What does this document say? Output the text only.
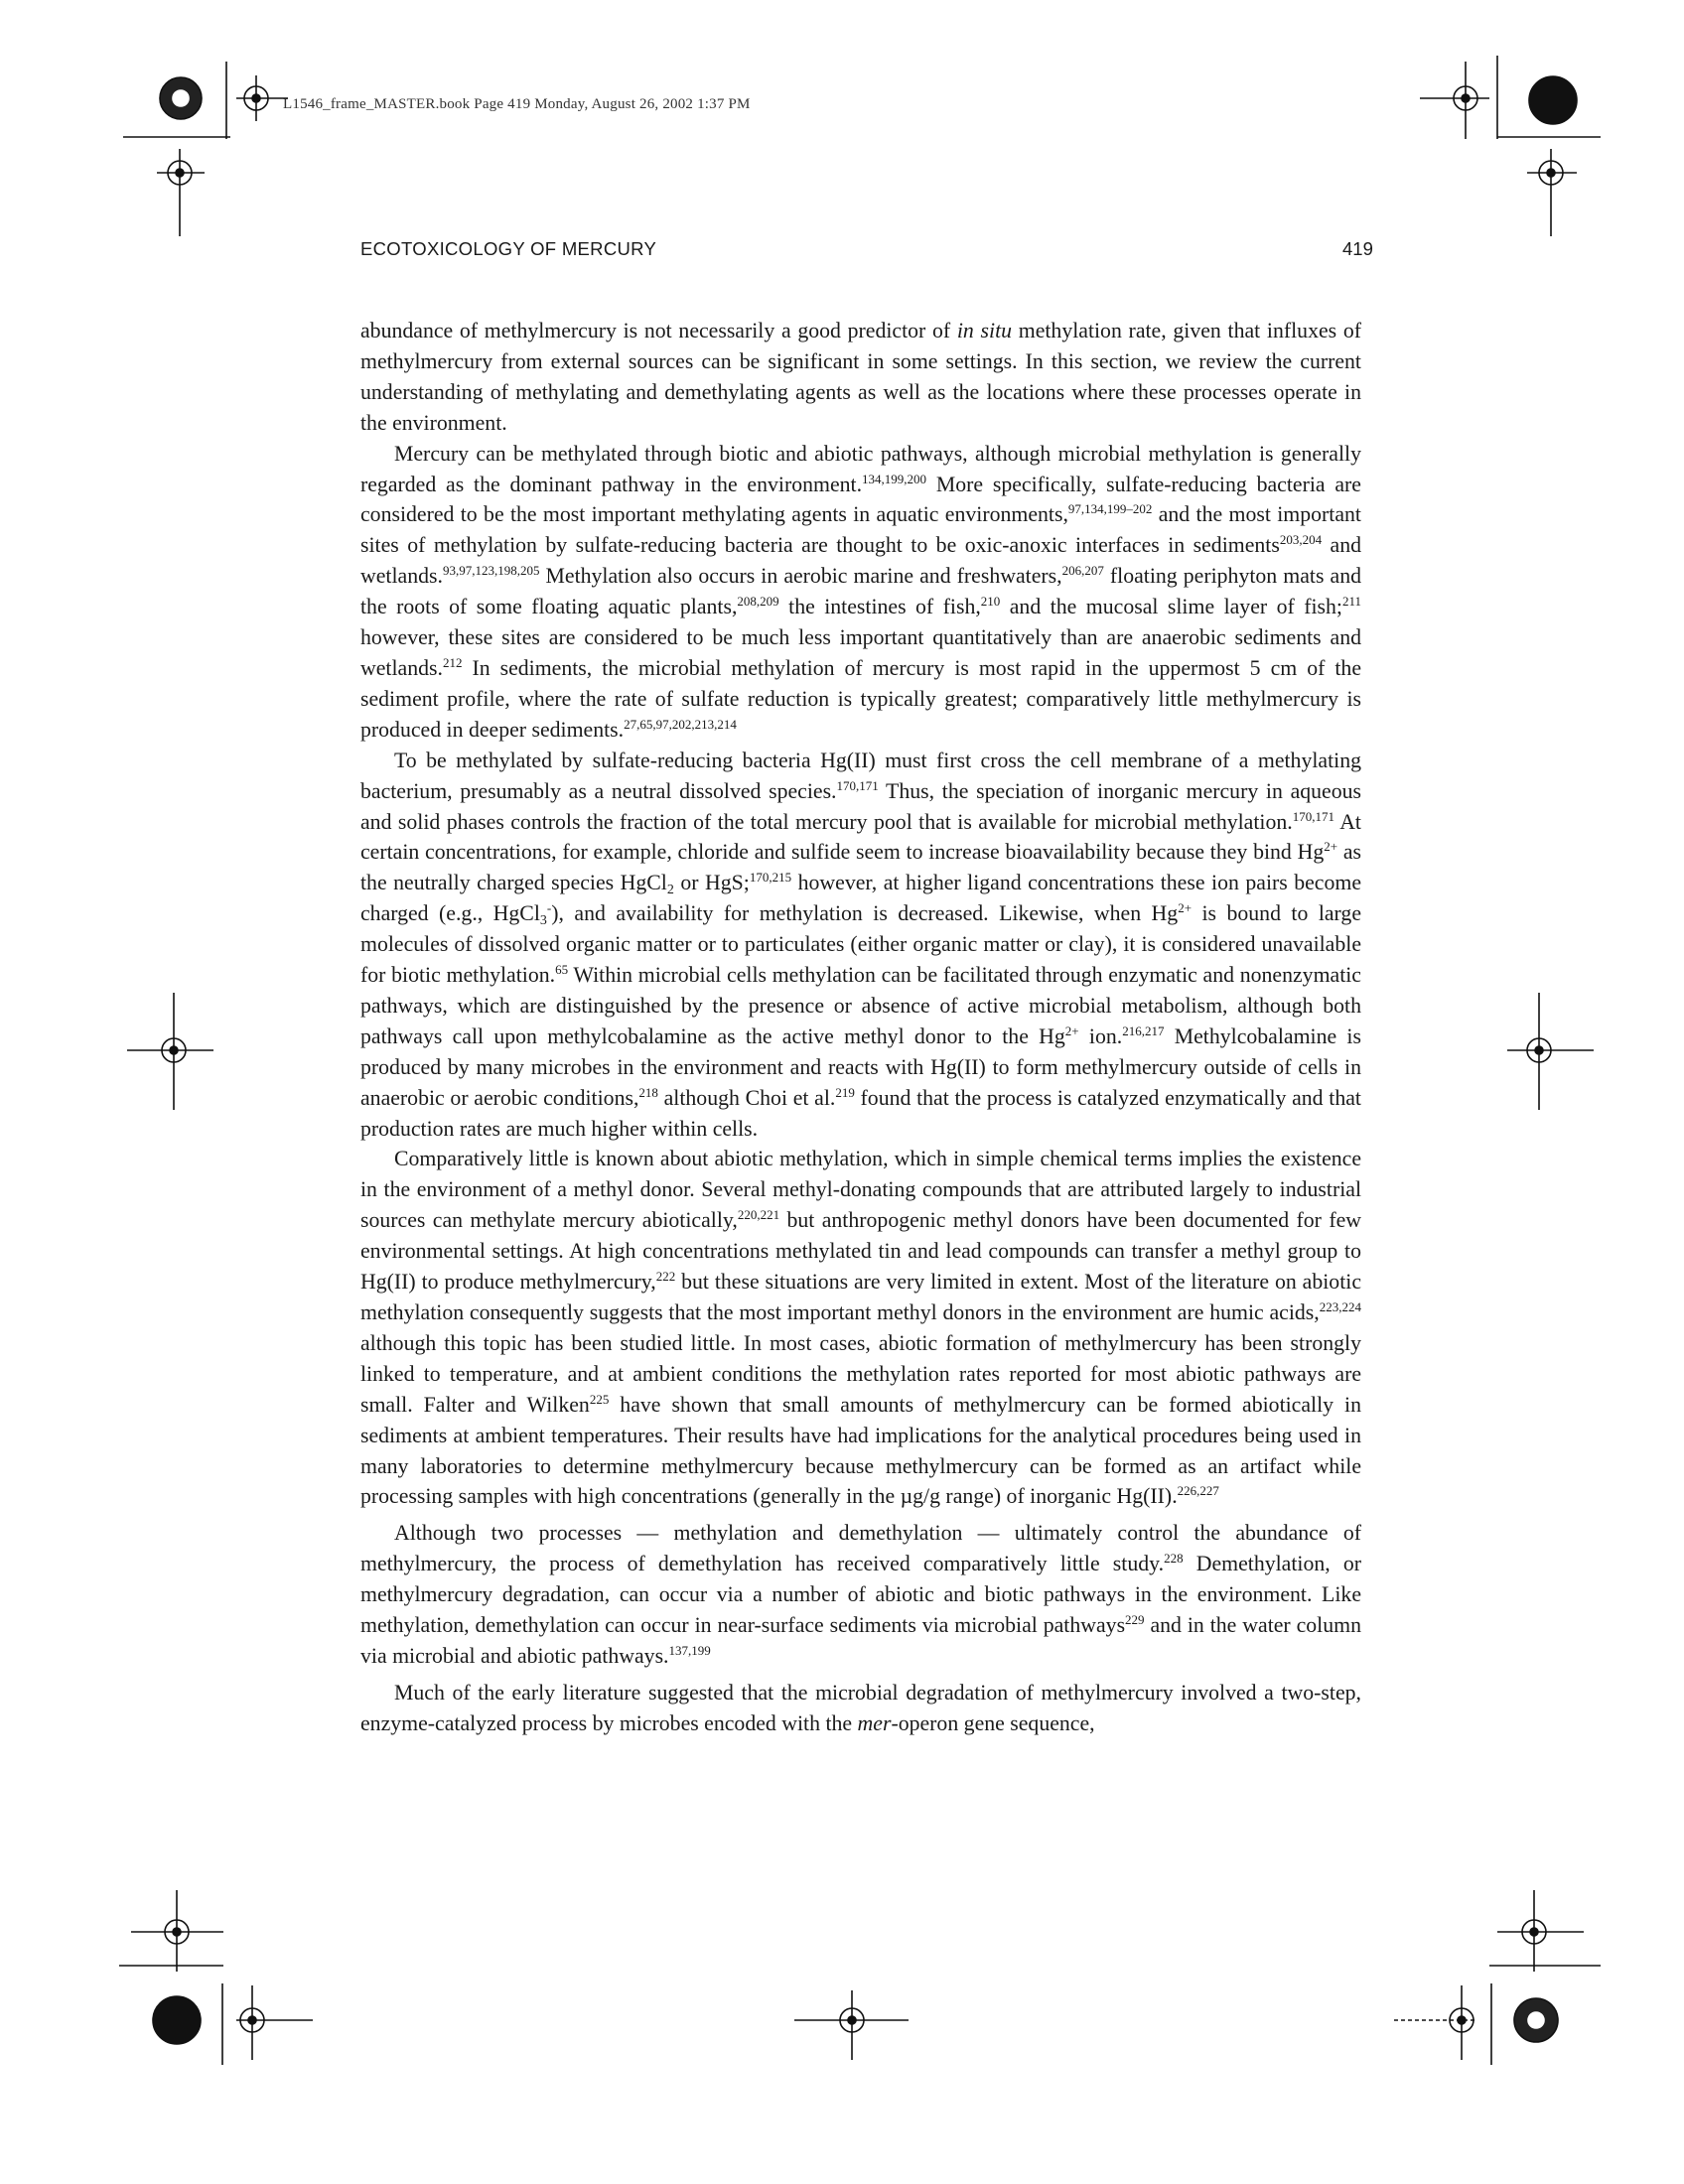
L1546_frame_MASTER.book Page 419 Monday, August 26, 2002 1:37 PM
ECOTOXICOLOGY OF MERCURY	419

abundance of methylmercury is not necessarily a good predictor of in situ methylation rate, given that influxes of methylmercury from external sources can be significant in some settings. In this section, we review the current understanding of methylating and demethylating agents as well as the locations where these processes operate in the environment.

Mercury can be methylated through biotic and abiotic pathways, although microbial methylation is generally regarded as the dominant pathway in the environment.$^{134,199,200}$ More specifically, sulfate-reducing bacteria are considered to be the most important methylating agents in aquatic environments,$^{97,134,199-202}$ and the most important sites of methylation by sulfate-reducing bacteria are thought to be oxic-anoxic interfaces in sediments$^{203,204}$ and wetlands.$^{93,97,123,198,205}$ Methylation also occurs in aerobic marine and freshwaters,$^{206,207}$ floating periphyton mats and the roots of some floating aquatic plants,$^{208,209}$ the intestines of fish,$^{210}$ and the mucosal slime layer of fish;$^{211}$ however, these sites are considered to be much less important quantitatively than are anaerobic sediments and wetlands.$^{212}$ In sediments, the microbial methylation of mercury is most rapid in the uppermost 5 cm of the sediment profile, where the rate of sulfate reduction is typically greatest; comparatively little methylmercury is produced in deeper sediments.$^{27,65,97,202,213,214}$

To be methylated by sulfate-reducing bacteria Hg(II) must first cross the cell membrane of a methylating bacterium, presumably as a neutral dissolved species.$^{170,171}$ Thus, the speciation of inorganic mercury in aqueous and solid phases controls the fraction of the total mercury pool that is available for microbial methylation.$^{170,171}$ At certain concentrations, for example, chloride and sulfide seem to increase bioavailability because they bind $Hg^{2+}$ as the neutrally charged species HgCl$_2$ or HgS;$^{170,215}$ however, at higher ligand concentrations these ion pairs become charged (e.g., HgCl$_3$-), and availability for methylation is decreased. Likewise, when $Hg^{2+}$ is bound to large molecules of dissolved organic matter or to particulates (either organic matter or clay), it is considered unavailable for biotic methylation.$^{65}$ Within microbial cells methylation can be facilitated through enzymatic and nonenzymatic pathways, which are distinguished by the presence or absence of active microbial metabolism, although both pathways call upon methylcobalamine as the active methyl donor to the $Hg^{2+}$ ion.$^{216,217}$ Methylcobalamine is produced by many microbes in the environment and reacts with Hg(II) to form methylmercury outside of cells in anaerobic or aerobic conditions,$^{218}$ although Choi et al.$^{219}$ found that the process is catalyzed enzymatically and that production rates are much higher within cells.

Comparatively little is known about abiotic methylation, which in simple chemical terms implies the existence in the environment of a methyl donor. Several methyl-donating compounds that are attributed largely to industrial sources can methylate mercury abiotically,$^{220,221}$ but anthropogenic methyl donors have been documented for few environmental settings. At high concentrations methylated tin and lead compounds can transfer a methyl group to Hg(II) to produce methylmercury,$^{222}$ but these situations are very limited in extent. Most of the literature on abiotic methylation consequently suggests that the most important methyl donors in the environment are humic acids,$^{223,224}$ although this topic has been studied little. In most cases, abiotic formation of methylmercury has been strongly linked to temperature, and at ambient conditions the methylation rates reported for most abiotic pathways are small. Falter and Wilken$^{225}$ have shown that small amounts of methylmercury can be formed abiotically in sediments at ambient temperatures. Their results have had implications for the analytical procedures being used in many laboratories to determine methylmercury because methylmercury can be formed as an artifact while processing samples with high concentrations (generally in the µg/g range) of inorganic Hg(II).$^{226,227}$

Although two processes — methylation and demethylation — ultimately control the abundance of methylmercury, the process of demethylation has received comparatively little study.$^{228}$ Demethylation, or methylmercury degradation, can occur via a number of abiotic and biotic pathways in the environment. Like methylation, demethylation can occur in near-surface sediments via microbial pathways$^{229}$ and in the water column via microbial and abiotic pathways.$^{137,199}$

Much of the early literature suggested that the microbial degradation of methylmercury involved a two-step, enzyme-catalyzed process by microbes encoded with the mer-operon gene sequence,
